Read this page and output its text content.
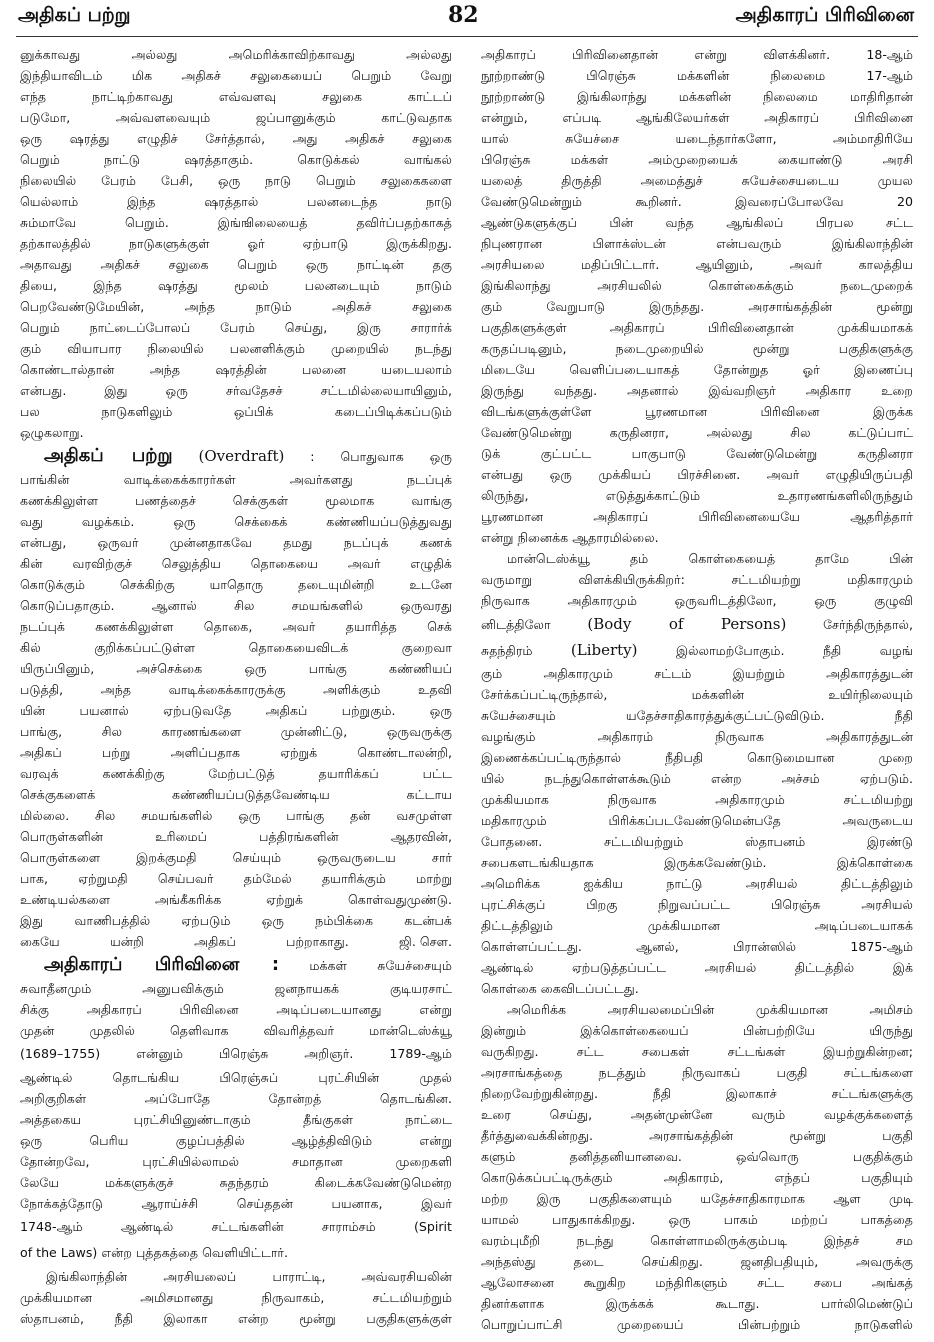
அதிகப் பற்று	82	அதிகாரப் பிரிவினை
னுக்காவது அல்லது அமெரிக்காவிற்காவது அல்லது
இந்தியாவிடம் மிக அதிகச் சலுகையைப் பெறும் வேறு
எந்த நாட்டிற்காவது எவ்வளவு சலுகை காட்டப்
படுமோ, அவ்வளவையும் ஜப்பானுக்கும் காட்டுவதாக
ஒரு ஷரத்து எழுதிச் சேர்த்தால், அது அதிகச் சலுகை
பெறும் நாட்டு ஷரத்தாகும். கொடுக்கல் வாங்கல்
நிலையில் பேரம் பேசி, ஒரு நாடு பெறும் சலுகைகளை
யெல்லாம் இந்த ஷரத்தால் பலனடைந்த நாடு
சும்மாவே பெறும். இங்ஙிலையைத் தவிர்ப்பதற்காகத்
தற்காலத்தில் நாடுகளுக்குள் ஓர் ஏற்பாடு இருக்கிறது.
அதாவது அதிகச் சலுகை பெறும் ஒரு நாட்டின் தகு
தியை, இந்த ஷரத்து மூலம் பலனடையும் நாடும்
பெறவேண்டுமேயின், அந்த நாடும் அதிகச் சலுகை
பெறும் நாட்டைப்போலப் பேரம் செய்து, இரு சாரார்க்
கும் வியாபார நிலையில் பலனளிக்கும் முறையில் நடந்து
கொண்டால்தான் அந்த ஷரத்தின் பலனை யடையலாம்
என்பது. இது ஒரு சர்வதேசச் சட்டமில்லையாயினும்,
பல நாடுகளிலும் ஒப்பிக் கடைப்பிடிக்கப்படும்
ஒழுகலாறு.
அதிகப் பற்று (Overdraft) : பொதுவாக ஒரு
பாங்கின் வாடிக்கைக்காரர்கள் அவர்களது நடப்புக்
கணக்கிலுள்ள பணத்தைச் செக்குகள் மூலமாக வாங்கு
வது வழக்கம். ஒரு செக்கைக் கண்ணியப்படுத்துவது
என்பது, ஒருவர் முன்னதாகவே தமது நடப்புக் கணக்
கின் வரவிற்குச் செலுத்திய தொகையை அவர் எழுதிக்
கொடுக்கும் செக்கிற்கு யாதொரு தடையுமின்றி உடனே
கொடுப்பதாகும். ஆனால் சில சமயங்களில் ஒருவரது
நடப்புக் கணக்கிலுள்ள தொகை, அவர் தயாரித்த செக்
கில் குறிக்கப்பட்டுள்ள தொகையைவிடக் குறைவா
யிருப்பினும், அச்செக்கை ஒரு பாங்கு கண்ணியப்
படுத்தி, அந்த வாடிக்கைக்காரருக்கு அளிக்கும் உதவி
யின் பயனால் ஏற்படுவதே அதிகப் பற்றுகும். ஒரு
பாங்கு, சில காரணங்களை முன்னிட்டு, ஒருவருக்கு
அதிகப் பற்று அளிப்பதாக ஏற்றுக் கொண்டாலன்றி,
வரவுக் கணக்கிற்கு மேற்பட்டுத் தயாரிக்கப் பட்ட
செக்குகளைக் கண்ணியப்படுத்தவேண்டிய கட்டாய
மில்லை. சில சமயங்களில் ஒரு பாங்கு தன் வசமுள்ள
பொருள்களின் உரிமைப் பத்திரங்களின் ஆதரவின்,
பொருள்களை இறக்குமதி செய்யும் ஒருவருடைய சார்
பாக, ஏற்றுமதி செய்பவர் தம்மேல் தயாரிக்கும் மாற்று
உண்டியல்களை அங்கீகரிக்க ஏற்றுக் கொள்வதுமுண்டு.
இது வாணிபத்தில் ஏற்படும் ஒரு நம்பிக்கை கடன்பக்
கையே யன்றி அதிகப் பற்றாகாது.	ஜி. செள.
அதிகாரப் பிரிவினை : மக்கள் சுயேச்சையும்
சுவாதீனமும் அனுபவிக்கும் ஜனநாயகக் குடியரசாட்
சிக்கு அதிகாரப் பிரிவினை அடிப்படையானது என்று
முதன் முதலில் தெளிவாக விவரித்தவர் மான்டெஸ்க்யூ
(1689–1755) என்னும் பிரெஞ்சு அறிஞர். 1789-ஆம்
ஆண்டில் தொடங்கிய பிரெஞ்சுப் புரட்சியின் முதல்
அறிகுறிகள் அப்போதே தோன்றத் தொடங்கின.
அத்தகைய புரட்சியினுண்டாகும் தீங்குகள் நாட்டை
ஒரு பெரிய குழப்பத்தில் ஆழ்த்திவிடும் என்று
தோன்றவே, புரட்சியில்லாமல் சமாதான முறைகளி
லேயே மக்களுக்குச் சுதந்தரம் கிடைக்கவேண்டுமென்ற
நோக்கத்தோடு ஆராய்ச்சி செய்ததன் பயனாக, இவர்
1748-ஆம் ஆண்டில் சட்டங்களின் சாராம்சம் (Spirit
of the Laws) என்ற புத்தகத்தை வெளியிட்டார்.
இங்கிலாந்தின் அரசியலைப் பாராட்டி, அவ்வரசியலின்
முக்கியமான அமிசமானது நிருவாகம், சட்டமியற்றும்
ஸ்தாபனம், நீதி இலாகா என்ற மூன்று பகுதிகளுக்குள்
அதிகாரப் பிரிவினைதான் என்று விளக்கினர். 18-ஆம்
நூற்றாண்டு பிரெஞ்சு மக்களின் நிலைமை 17-ஆம்
நூற்றாண்டு இங்கிலாந்து மக்களின் நிலைமை மாதிரிதான்
என்றும், எப்படி ஆங்கிலேயர்கள் அதிகாரப் பிரிவினை
யால் சுயேச்சை யடைந்தார்களோ, அம்மாதிரியே
பிரெஞ்சு மக்கள் அம்முறையைக் கையாண்டு அரசி
யலைத் திருத்தி அமைத்துச் சுயேச்சையடைய முயல
வேண்டுமென்றும் கூறினர். இவரைப்போலவே 20
ஆண்டுகளுக்குப் பின் வந்த ஆங்கிலப் பிரபல சட்ட
நிபுணரான பிளாக்ஸ்டன் என்பவரும் இங்கிலாந்தின்
அரசியலை மதிப்பிட்டார். ஆயினும், அவர் காலத்திய
இங்கிலாந்து அரசியலில் கொள்கைக்கும் நடைமுறைக்
கும் வேறுபாடு இருந்தது. அரசாங்கத்தின் மூன்று
பகுதிகளுக்குள் அதிகாரப் பிரிவினைதான் முக்கியமாகக்
கருதப்படினும், நடைமுறையில் மூன்று பகுதிகளுக்கு
மிடையே வெளிப்படையாகத் தோன்றுத ஓர் இணைப்பு
இருந்து வந்தது. அதனால் இவ்வறிஞர் அதிகார உறை
விடங்களுக்குள்ளே பூரணமான பிரிவினை இருக்க
வேண்டுமென்று கருதினரா, அல்லது சில கட்டுப்பாட்
டுக் குட்பட்ட பாகுபாடு வேண்டுமென்று கருதினரா
என்பது ஒரு முக்கியப் பிரச்சினை. அவர் எழுதியிருப்பதி
லிருந்து, எடுத்துக்காட்டும் உதாரணங்களிலிருந்தும்
பூரணமான அதிகாரப் பிரிவினையையே ஆதரித்தார்
என்று நினைக்க ஆதாரமில்லை.
மான்டெஸ்க்யூ தம் கொள்கையைத் தாமே பின்
வருமாறு விளக்கியிருக்கிறர்: சட்டமியற்று மதிகாரமும்
நிருவாக அதிகாரமும் ஒருவரிடத்திலோ, ஒரு குழுவி
னிடத்திலோ (Body of Persons)	சேர்ந்திருந்தால்,
சுதந்திரம்	(Liberty)	இல்லாமற்போகும். நீதி வழங்
கும் அதிகாரமும் சட்டம் இயற்றும் அதிகாரத்துடன்
சேர்க்கப்பட்டிருந்தால், மக்களின் உயிர்நிலையும்
சுயேச்சையும் யதேச்சாதிகாரத்துக்குட்பட்டுவிடும். நீதி
வழங்கும் அதிகாரம் நிருவாக அதிகாரத்துடன்
இணைக்கப்பட்டிருந்தால் நீதிபதி கொடுமையான முறை
யில் நடந்துகொள்ளக்கூடும் என்ற அச்சம் ஏற்படும்.
முக்கியமாக நிருவாக அதிகாரமும் சட்டமியற்று
மதிகாரமும் பிரிக்கப்படவேண்டுமென்பதே அவருடைய
போதனை. சட்டமியற்றும் ஸ்தாபனம் இரண்டு
சபைகளடங்கியதாக இருக்கவேண்டும். இக்கொள்கை
அமெரிக்க ஐக்கிய நாட்டு அரசியல் திட்டத்திலும்
புரட்சிக்குப் பிறகு நிறுவப்பட்ட பிரெஞ்சு அரசியல்
திட்டத்திலும் முக்கியமான அடிப்படையாகக்
கொள்ளப்பட்டது. ஆனல், பிரான்ஸில் 1875-ஆம்
ஆண்டில் ஏற்படுத்தப்பட்ட அரசியல் திட்டத்தில் இக்
கொள்கை கைவிடப்பட்டது.
அமெரிக்க அரசியலமைப்பின் முக்கியமான அமிசம்
இன்றும் இக்கொள்கையைப் பின்பற்றியே யிருந்து
வருகிறது. சட்ட சபைகள் சட்டங்கள் இயற்றுகின்றன;
அரசாங்கத்தை நடத்தும் நிருவாகப் பகுதி சட்டங்களை
நிறைவேற்றுகின்றது. நீதி இலாகாச் சட்டங்களுக்கு
உரை செய்து, அதன்முன்னே வரும் வழக்குக்களைத்
தீர்த்துவைக்கின்றது. அரசாங்கத்தின் மூன்று பகுதி
களும் தனித்தனியானவை. ஒவ்வொரு பகுதிக்கும்
கொடுக்கப்பட்டிருக்கும் அதிகாரம், எந்தப் பகுதியும்
மற்ற இரு பகுதிகளையும் யதேச்சாதிகாரமாக ஆள முடி
யாமல் பாதுகாக்கிறது. ஒரு பாகம் மற்றப் பாகத்தை
வரம்புமீறி நடந்து கொள்ளாமலிருக்கும்படி இந்தச் சம
அந்தஸ்து தடை செய்கிறது. ஜனதிபதியும், அவருக்கு
ஆலோசனை கூறுகிற மந்திரிகளும் சட்ட சபை அங்கத்
தினர்களாக இருக்கக் கூடாது. பார்லிமெண்டுப்
பொறுப்பாட்சி முறையைப் பின்பற்றும் நாடுகளில்
